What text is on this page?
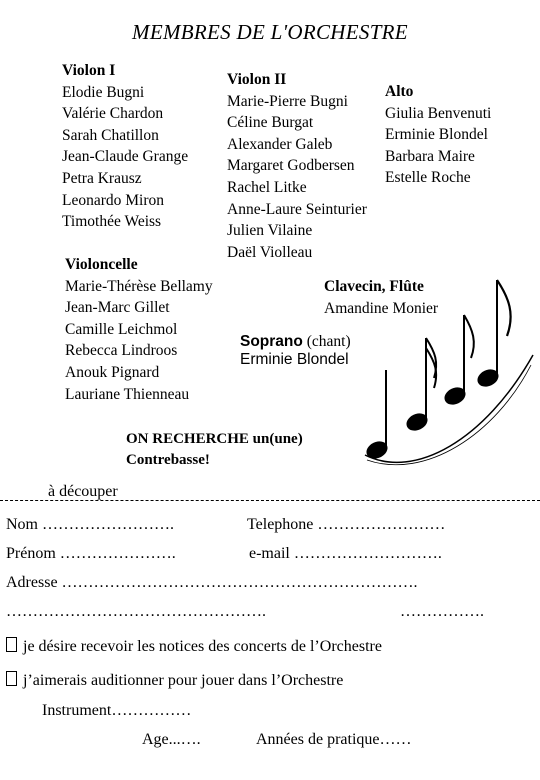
MEMBRES DE L'ORCHESTRE
Violon I
Elodie Bugni
Valérie Chardon
Sarah Chatillon
Jean-Claude Grange
Petra Krausz
Leonardo Miron
Timothée Weiss
Violon II
Marie-Pierre Bugni
Céline Burgat
Alexander Galeb
Margaret Godbersen
Rachel Litke
Anne-Laure Seinturier
Julien Vilaine
Daël Violleau
Alto
Giulia Benvenuti
Erminie Blondel
Barbara Maire
Estelle Roche
Violoncelle
Marie-Thérèse Bellamy
Jean-Marc Gillet
Camille Leichmol
Rebecca Lindroos
Anouk Pignard
Lauriane Thienneau
Clavecin, Flûte
Amandine Monier
Soprano (chant)
Erminie Blondel
ON RECHERCHE un(une)
Contrebasse!
à découper
Nom …………………….	Telephone ……………………
Prénom ………………….	e-mail ……………………….
Adresse ………………………………………………………….
………………………………………….	…………….
je désire recevoir les notices des concerts de l’Orchestre
j’aimerais auditionner pour jouer dans l’Orchestre
Instrument……………
Age...….	Années de pratique……
